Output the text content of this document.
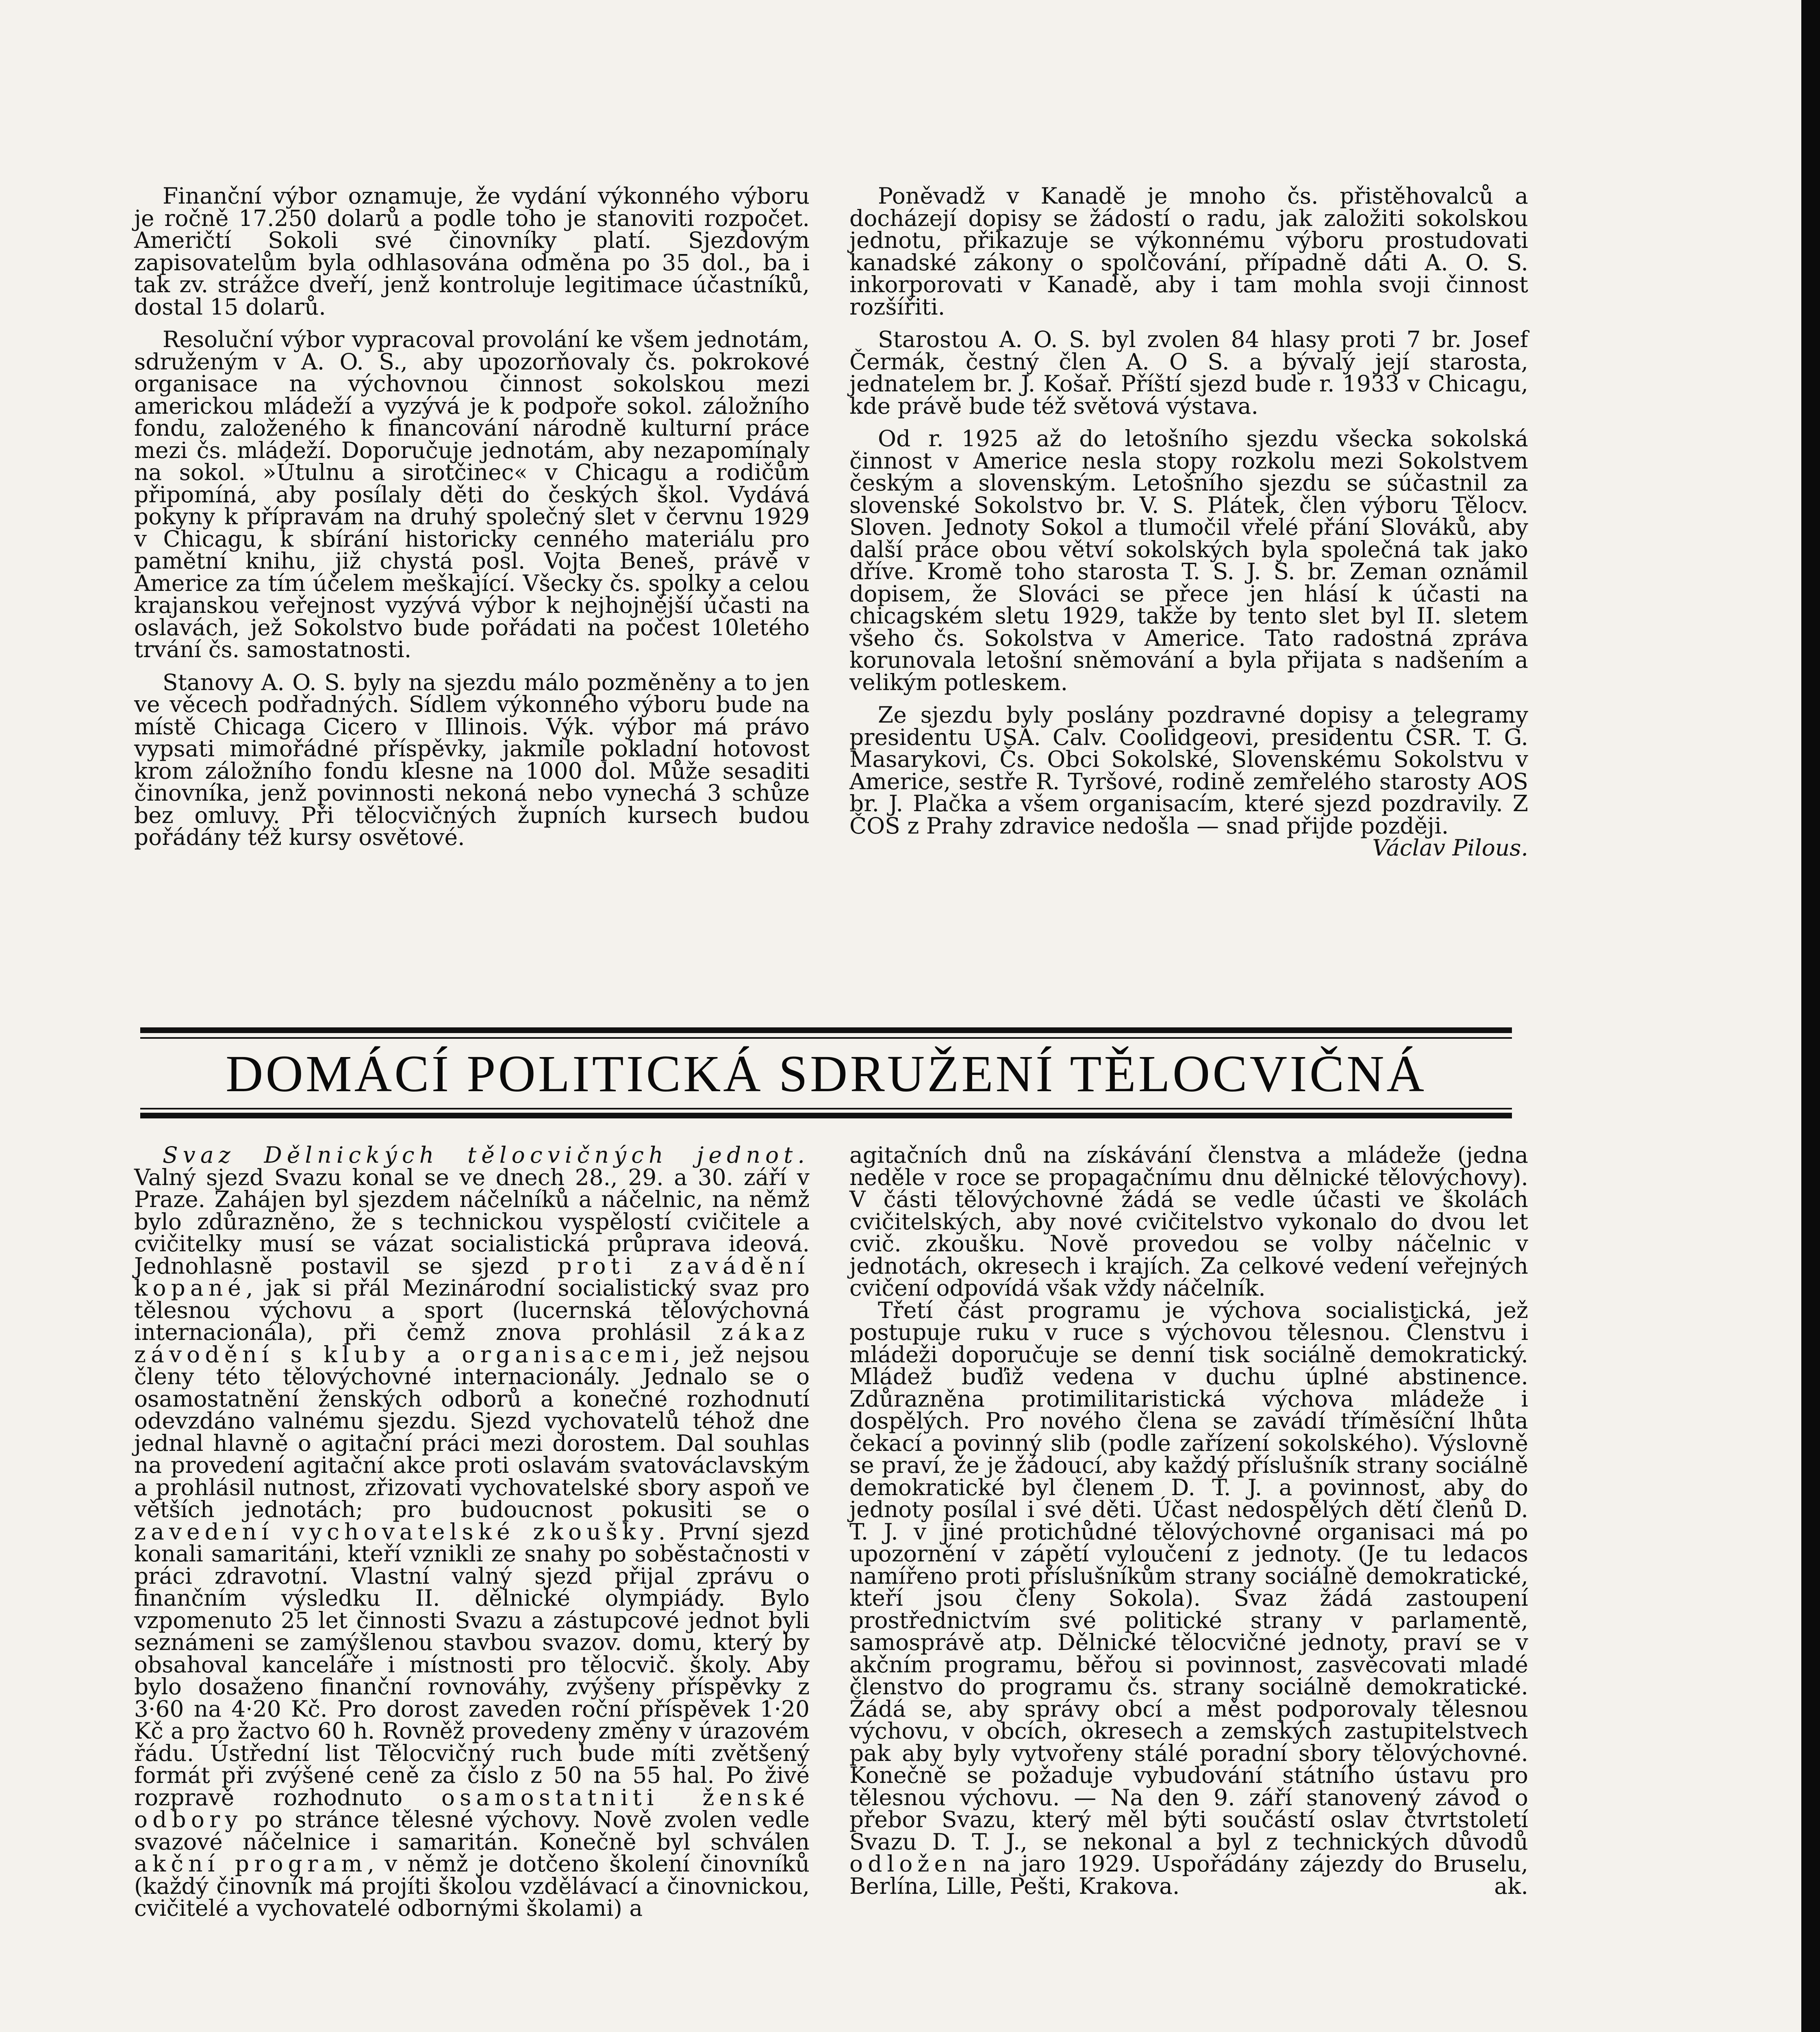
Finanční výbor oznamuje, že vydání výkonného výboru je ročně 17.250 dolarů a podle toho je stanoviti rozpočet. Američtí Sokoli své činovníky platí. Sjezdovým zapisovatelům byla odhlasována odměna po 35 dol., ba i tak zv. strážce dveří, jenž kontroluje legitimace účastníků, dostal 15 dolarů.

Resoluční výbor vypracoval provolání ke všem jednotám, sdruženým v A. O. S., aby upozorňovaly čs. pokrokové organisace na výchovnou činnost sokolskou mezi americkou mládeží a vyzývá je k podpoře sokol. záložního fondu, založeného k financování národně kulturní práce mezi čs. mládeží. Doporučuje jednotám, aby nezapomínaly na sokol. »Útulnu a sirotčinec« v Chicagu a rodičům připomíná, aby posílaly děti do českých škol. Vydává pokyny k přípravám na druhý společný slet v červnu 1929 v Chicagu, k sbírání historicky cenného materiálu pro pamětní knihu, již chystá posl. Vojta Beneš, právě v Americe za tím účelem meškající. Všecky čs. spolky a celou krajanskou veřejnost vyzývá výbor k nejhojnější účasti na oslavách, jež Sokolstvo bude pořádati na počest 10letého trvání čs. samostatnosti.

Stanovy A. O. S. byly na sjezdu málo pozměněny a to jen ve věcech podřadných. Sídlem výkonného výboru bude na místě Chicaga Cicero v Illinois. Výk. výbor má právo vypsati mimořádné příspěvky, jakmile pokladní hotovost krom záložního fondu klesne na 1000 dol. Může sesaditi činovníka, jenž povinnosti nekoná nebo vynechá 3 schůze bez omluvy. Při tělocvičných župních kursech budou pořádány též kursy osvětové.

Poněvadž v Kanadě je mnoho čs. přistěhovalců a docházejí dopisy se žádostí o radu, jak založiti sokolskou jednotu, přikazuje se výkonnému výboru prostudovati kanadské zákony o spolčování, případně dáti A. O. S. inkorporovati v Kanadě, aby i tam mohla svoji činnost rozšířiti.

Starostou A. O. S. byl zvolen 84 hlasy proti 7 br. Josef Čermák, čestný člen A. O S. a bývalý její starosta, jednatelem br. J. Košař. Příští sjezd bude r. 1933 v Chicagu, kde právě bude též světová výstava.

Od r. 1925 až do letošního sjezdu všecka sokolská činnost v Americe nesla stopy rozkolu mezi Sokolstvem českým a slovenským. Letošního sjezdu se súčastnil za slovenské Sokolstvo br. V. S. Plátek, člen výboru Tělocv. Sloven. Jednoty Sokol a tlumočil vřelé přání Slováků, aby další práce obou větví sokolských byla společná tak jako dříve. Kromě toho starosta T. S. J. S. br. Zeman oznámil dopisem, že Slováci se přece jen hlásí k účasti na chicagském sletu 1929, takže by tento slet byl II. sletem všeho čs. Sokolstva v Americe. Tato radostná zpráva korunovala letošní sněmování a byla přijata s nadšením a velikým potleskem.

Ze sjezdu byly poslány pozdravné dopisy a telegramy presidentu USA. Calv. Coolidgeovi, presidentu ČSR. T. G. Masarykovi, Čs. Obci Sokolské, Slovenskému Sokolstvu v Americe, sestře R. Tyršové, rodině zemřelého starosty AOS br. J. Plačka a všem organisacím, které sjezd pozdravily. Z ČOS z Prahy zdravice nedošla — snad přijde později.

Václav Pilous.

DOMÁCÍ POLITICKÁ SDRUŽENÍ TĚLOCVIČNÁ

Svaz Dělnických tělocvičných jednot. Valný sjezd Svazu konal se ve dnech 28., 29. a 30. září v Praze. Zahájen byl sjezdem náčelníků a náčelnic, na němž bylo zdůrazněno, že s technickou vyspělostí cvičitele a cvičitelky musí se vázat socialistická průprava ideová. Jednohlasně postavil se sjezd proti zavádění kopané, jak si přál Mezinárodní socialistický svaz pro tělesnou výchovu a sport (lucernská tělovýchovná internacionála), při čemž znova prohlásil zákaz závodění s kluby a organisacemi, jež nejsou členy této tělovýchovné internacionály. Jednalo se o osamostatnění ženských odborů a konečné rozhodnutí odevzdáno valnému sjezdu. Sjezd vychovatelů téhož dne jednal hlavně o agitační práci mezi dorostem. Dal souhlas na provedení agitační akce proti oslavám svatováclavským a prohlásil nutnost, zřizovati vychovatelské sbory aspoň ve větších jednotách; pro budoucnost pokusiti se o zavedení vychovatelské zkoušky. První sjezd konali samaritáni, kteří vznikli ze snahy po soběstačnosti v práci zdravotní. Vlastní valný sjezd přijal zprávu o finančním výsledku II. dělnické olympiády. Bylo vzpomenuto 25 let činnosti Svazu a zástupcové jednot byli seznámeni se zamýšlenou stavbou svazov. domu, který by obsahoval kanceláře i místnosti pro tělocvič. školy. Aby bylo dosaženo finanční rovnováhy, zvýšeny příspěvky z 3·60 na 4·20 Kč. Pro dorost zaveden roční příspěvek 1·20 Kč a pro žactvo 60 h. Rovněž provedeny změny v úrazovém řádu. Ústřední list Tělocvičný ruch bude míti zvětšený formát při zvýšené ceně za číslo z 50 na 55 hal. Po živé rozpravě rozhodnuto osamostatniti ženské odbory po stránce tělesné výchovy. Nově zvolen vedle svazové náčelnice i samaritán. Konečně byl schválen akční program, v němž je dotčeno školení činovníků (každý činovník má projíti školou vzdělávací a činovnickou, cvičitelé a vychovatelé odbornými školami) a

agitačních dnů na získávání členstva a mládeže (jedna neděle v roce se propagačnímu dnu dělnické tělovýchovy). V části tělovýchovné žádá se vedle účasti ve školách cvičitelských, aby nové cvičitelstvo vykonalo do dvou let cvič. zkoušku. Nově provedou se volby náčelnic v jednotách, okresech i krajích. Za celkové vedení veřejných cvičení odpovídá však vždy náčelník.

Třetí část programu je výchova socialistická, jež postupuje ruku v ruce s výchovou tělesnou. Členstvu i mládeži doporučuje se denní tisk sociálně demokratický. Mládež buďiž vedena v duchu úplné abstinence. Zdůrazněna protimilitaristická výchova mládeže i dospělých. Pro nového člena se zavádí tříměsíční lhůta čekací a povinný slib (podle zařízení sokolského). Výslovně se praví, že je žádoucí, aby každý příslušník strany sociálně demokratické byl členem D. T. J. a povinnost, aby do jednoty posílal i své děti. Účast nedospělých dětí členů D. T. J. v jiné protichůdné tělovýchovné organisaci má po upozornění v zápětí vyloučení z jednoty. (Je tu ledacos namířeno proti příslušníkům strany sociálně demokratické, kteří jsou členy Sokola). Svaz žádá zastoupení prostřednictvím své politické strany v parlamentě, samosprávě atp. Dělnické tělocvičné jednoty, praví se v akčním programu, běřou si povinnost, zasvěcovati mladé členstvo do programu čs. strany sociálně demokratické. Žádá se, aby správy obcí a měst podporovaly tělesnou výchovu, v obcích, okresech a zemských zastupitelstvech pak aby byly vytvořeny stálé poradní sbory tělovýchovné. Konečně se požaduje vybudování státního ústavu pro tělesnou výchovu. — Na den 9. září stanovený závod o přebor Svazu, který měl býti součástí oslav čtvrtstoletí Svazu D. T. J., se nekonal a byl z technických důvodů odložen na jaro 1929. Uspořádány zájezdy do Bruselu, Berlína, Lille, Pešti, Krakova.	ak.
